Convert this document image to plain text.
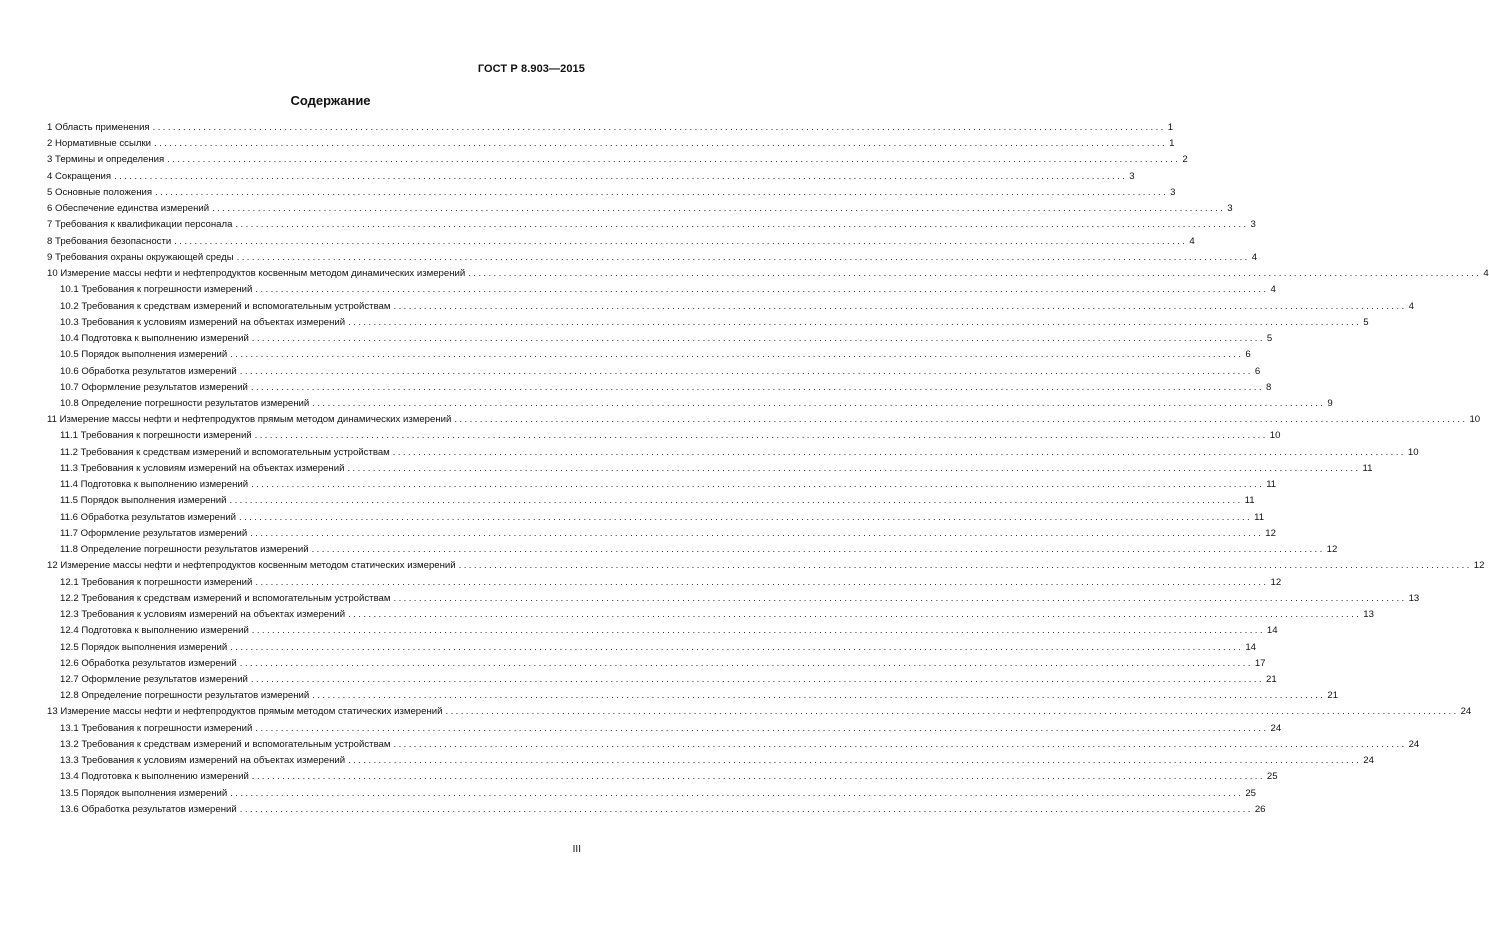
ГОСТ Р 8.903—2015
Содержание
1 Область применения ........................................................................................................................................................................................................ 1
2 Нормативные ссылки ........................................................................................................................................................................................................ 1
3 Термины и определения ........................................................................................................................................................................................................ 2
4 Сокращения ........................................................................................................................................................................................................ 3
5 Основные положения ........................................................................................................................................................................................................ 3
6 Обеспечение единства измерений ........................................................................................................................................................................................................ 3
7 Требования к квалификации персонала ........................................................................................................................................................................................................ 3
8 Требования безопасности ........................................................................................................................................................................................................ 4
9 Требования охраны окружающей среды ........................................................................................................................................................................................................ 4
10 Измерение массы нефти и нефтепродуктов косвенным методом динамических измерений ........................................................................................................................................................................................................ 4
10.1 Требования к погрешности измерений ........................................................................................................................................................................................................ 4
10.2 Требования к средствам измерений и вспомогательным устройствам ........................................................................................................................................................................................................ 4
10.3 Требования к условиям измерений на объектах измерений ........................................................................................................................................................................................................ 5
10.4 Подготовка к выполнению измерений ........................................................................................................................................................................................................ 5
10.5 Порядок выполнения измерений ........................................................................................................................................................................................................ 6
10.6 Обработка результатов измерений ........................................................................................................................................................................................................ 6
10.7 Оформление результатов измерений ........................................................................................................................................................................................................ 8
10.8 Определение погрешности результатов измерений ........................................................................................................................................................................................................ 9
11 Измерение массы нефти и нефтепродуктов прямым методом динамических измерений ........................................................................................................................................................................................................ 10
11.1 Требования к погрешности измерений ........................................................................................................................................................................................................ 10
11.2 Требования к средствам измерений и вспомогательным устройствам ........................................................................................................................................................................................................ 10
11.3 Требования к условиям измерений на объектах измерений ........................................................................................................................................................................................................ 11
11.4 Подготовка к выполнению измерений ........................................................................................................................................................................................................ 11
11.5 Порядок выполнения измерений ........................................................................................................................................................................................................ 11
11.6 Обработка результатов измерений ........................................................................................................................................................................................................ 11
11.7 Оформление результатов измерений ........................................................................................................................................................................................................ 12
11.8 Определение погрешности результатов измерений ........................................................................................................................................................................................................ 12
12 Измерение массы нефти и нефтепродуктов косвенным методом статических измерений ........................................................................................................................................................................................................ 12
12.1 Требования к погрешности измерений ........................................................................................................................................................................................................ 12
12.2 Требования к средствам измерений и вспомогательным устройствам ........................................................................................................................................................................................................ 13
12.3 Требования к условиям измерений на объектах измерений ........................................................................................................................................................................................................ 13
12.4 Подготовка к выполнению измерений ........................................................................................................................................................................................................ 14
12.5 Порядок выполнения измерений ........................................................................................................................................................................................................ 14
12.6 Обработка результатов измерений ........................................................................................................................................................................................................ 17
12.7 Оформление результатов измерений ........................................................................................................................................................................................................ 21
12.8 Определение погрешности результатов измерений ........................................................................................................................................................................................................ 21
13 Измерение массы нефти и нефтепродуктов прямым методом статических измерений ........................................................................................................................................................................................................ 24
13.1 Требования к погрешности измерений ........................................................................................................................................................................................................ 24
13.2 Требования к средствам измерений и вспомогательным устройствам ........................................................................................................................................................................................................ 24
13.3 Требования к условиям измерений на объектах измерений ........................................................................................................................................................................................................ 24
13.4 Подготовка к выполнению измерений ........................................................................................................................................................................................................ 25
13.5 Порядок выполнения измерений ........................................................................................................................................................................................................ 25
13.6 Обработка результатов измерений ........................................................................................................................................................................................................ 26
III
